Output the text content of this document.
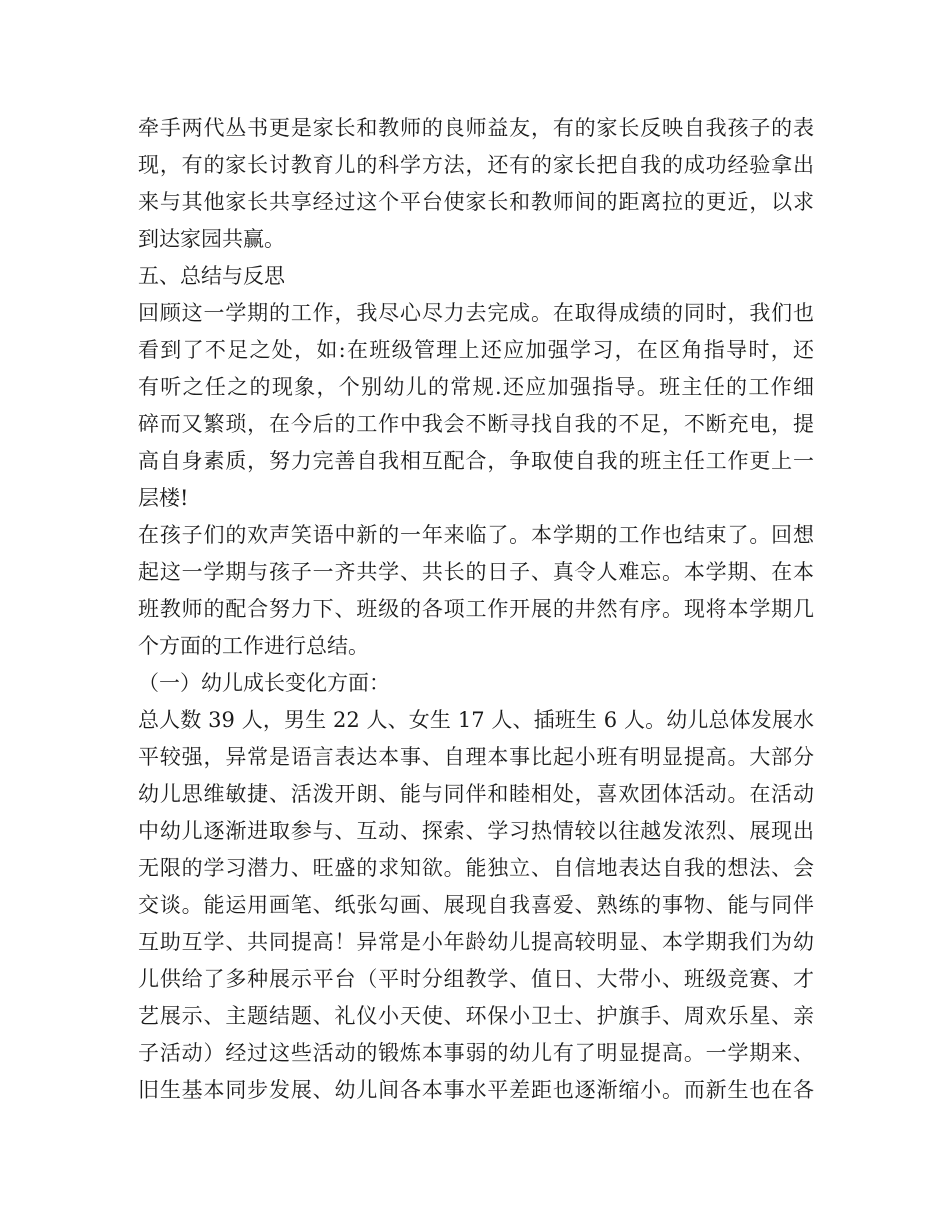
牵手两代丛书更是家长和教师的良师益友，有的家长反映自我孩子的表
现，有的家长讨教育儿的科学方法，还有的家长把自我的成功经验拿出
来与其他家长共享经过这个平台使家长和教师间的距离拉的更近，以求
到达家园共赢。
五、总结与反思
回顾这一学期的工作，我尽心尽力去完成。在取得成绩的同时，我们也
看到了不足之处，如:在班级管理上还应加强学习，在区角指导时，还
有听之任之的现象，个别幼儿的常规.还应加强指导。班主任的工作细
碎而又繁琐，在今后的工作中我会不断寻找自我的不足，不断充电，提
高自身素质，努力完善自我相互配合，争取使自我的班主任工作更上一
层楼!
在孩子们的欢声笑语中新的一年来临了。本学期的工作也结束了。回想
起这一学期与孩子一齐共学、共长的日子、真令人难忘。本学期、在本
班教师的配合努力下、班级的各项工作开展的井然有序。现将本学期几
个方面的工作进行总结。
（一）幼儿成长变化方面：
总人数 39 人，男生 22 人、女生 17 人、插班生 6 人。幼儿总体发展水
平较强，异常是语言表达本事、自理本事比起小班有明显提高。大部分
幼儿思维敏捷、活泼开朗、能与同伴和睦相处，喜欢团体活动。在活动
中幼儿逐渐进取参与、互动、探索、学习热情较以往越发浓烈、展现出
无限的学习潜力、旺盛的求知欲。能独立、自信地表达自我的想法、会
交谈。能运用画笔、纸张勾画、展现自我喜爱、熟练的事物、能与同伴
互助互学、共同提高！异常是小年龄幼儿提高较明显、本学期我们为幼
儿供给了多种展示平台（平时分组教学、值日、大带小、班级竞赛、才
艺展示、主题结题、礼仪小天使、环保小卫士、护旗手、周欢乐星、亲
子活动）经过这些活动的锻炼本事弱的幼儿有了明显提高。一学期来、
旧生基本同步发展、幼儿间各本事水平差距也逐渐缩小。而新生也在各
